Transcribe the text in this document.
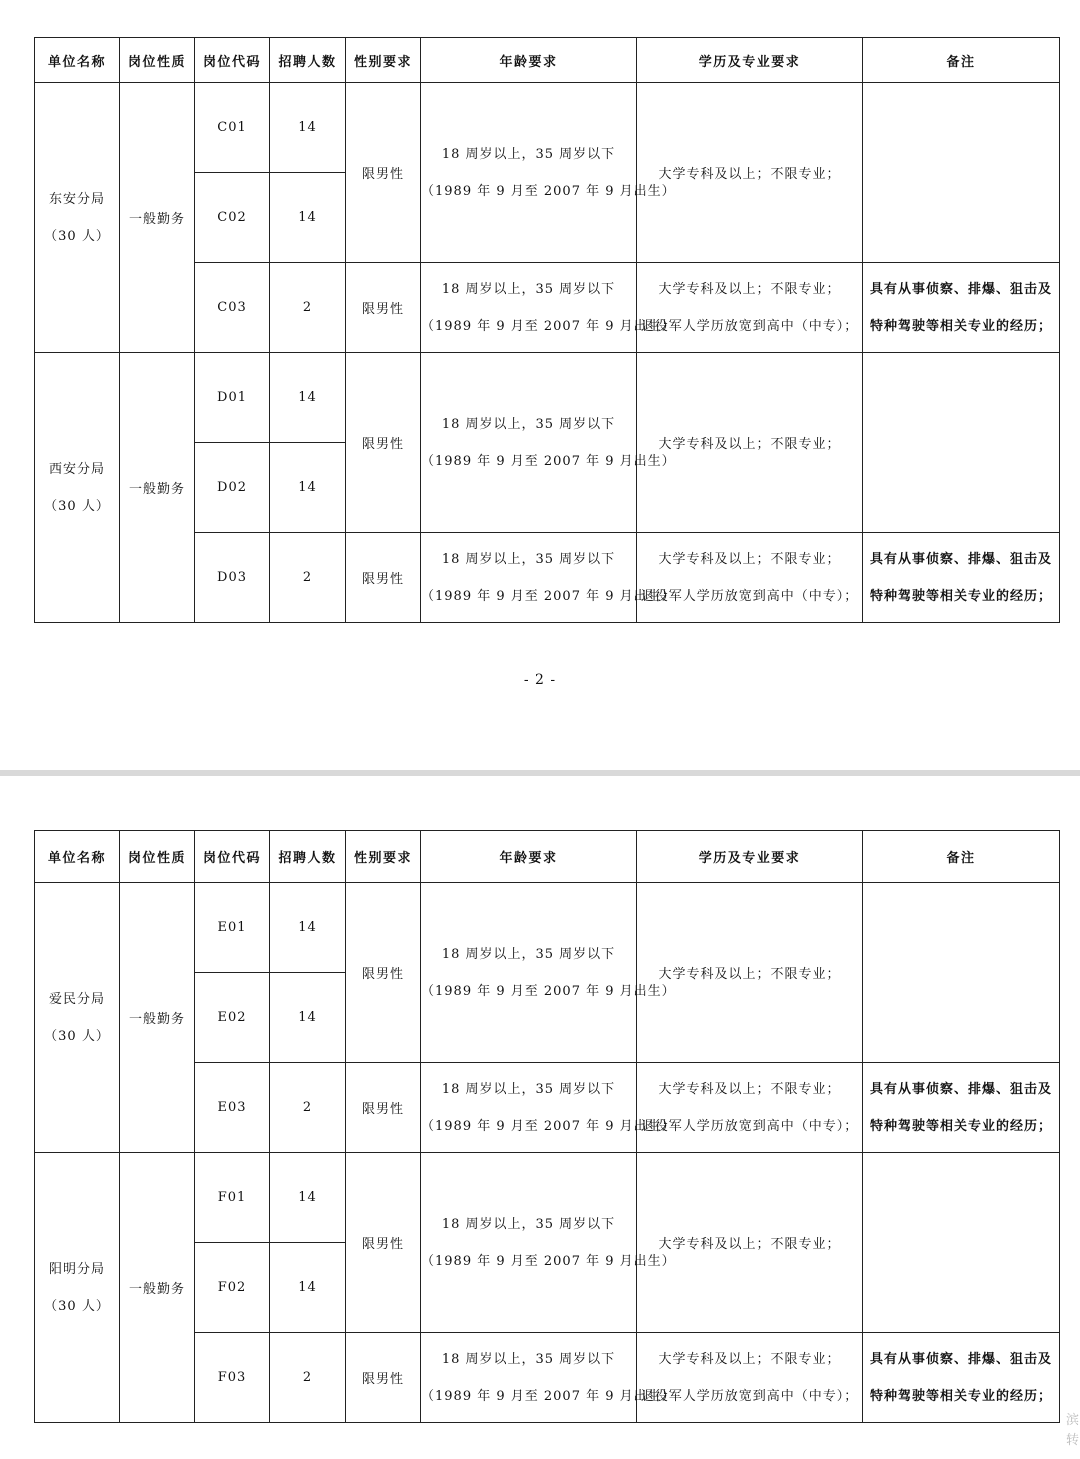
单位名称	岗位性质	岗位代码	招聘人数	性别要求	年龄要求	学历及专业要求	备注

东安分局
（30 人）	一般勤务	C01	14	限男性	18 周岁以上，35 周岁以下
（1989 年 9 月至 2007 年 9 月出生）	大学专科及以上；不限专业；	
		C02	14				
		C03	2	限男性	18 周岁以上，35 周岁以下
（1989 年 9 月至 2007 年 9 月出生）	大学专科及以上；不限专业；
退役军人学历放宽到高中（中专）；	具有从事侦察、排爆、狙击及
特种驾驶等相关专业的经历；

西安分局
（30 人）	一般勤务	D01	14	限男性	18 周岁以上，35 周岁以下
（1989 年 9 月至 2007 年 9 月出生）	大学专科及以上；不限专业；	
		D02	14				
		D03	2	限男性	18 周岁以上，35 周岁以下
（1989 年 9 月至 2007 年 9 月出生）	大学专科及以上；不限专业；
退役军人学历放宽到高中（中专）；	具有从事侦察、排爆、狙击及
特种驾驶等相关专业的经历；
- 2 -
单位名称	岗位性质	岗位代码	招聘人数	性别要求	年龄要求	学历及专业要求	备注

爱民分局
（30 人）	一般勤务	E01	14	限男性	18 周岁以上，35 周岁以下
（1989 年 9 月至 2007 年 9 月出生）	大学专科及以上；不限专业；	
		E02	14				
		E03	2	限男性	18 周岁以上，35 周岁以下
（1989 年 9 月至 2007 年 9 月出生）	大学专科及以上；不限专业；
退役军人学历放宽到高中（中专）；	具有从事侦察、排爆、狙击及
特种驾驶等相关专业的经历；

阳明分局
（30 人）	一般勤务	F01	14	限男性	18 周岁以上，35 周岁以下
（1989 年 9 月至 2007 年 9 月出生）	大学专科及以上；不限专业；	
		F02	14				
		F03	2	限男性	18 周岁以上，35 周岁以下
（1989 年 9 月至 2007 年 9 月出生）	大学专科及以上；不限专业；
退役军人学历放宽到高中（中专）；	具有从事侦察、排爆、狙击及
特种驾驶等相关专业的经历；
滨
转
